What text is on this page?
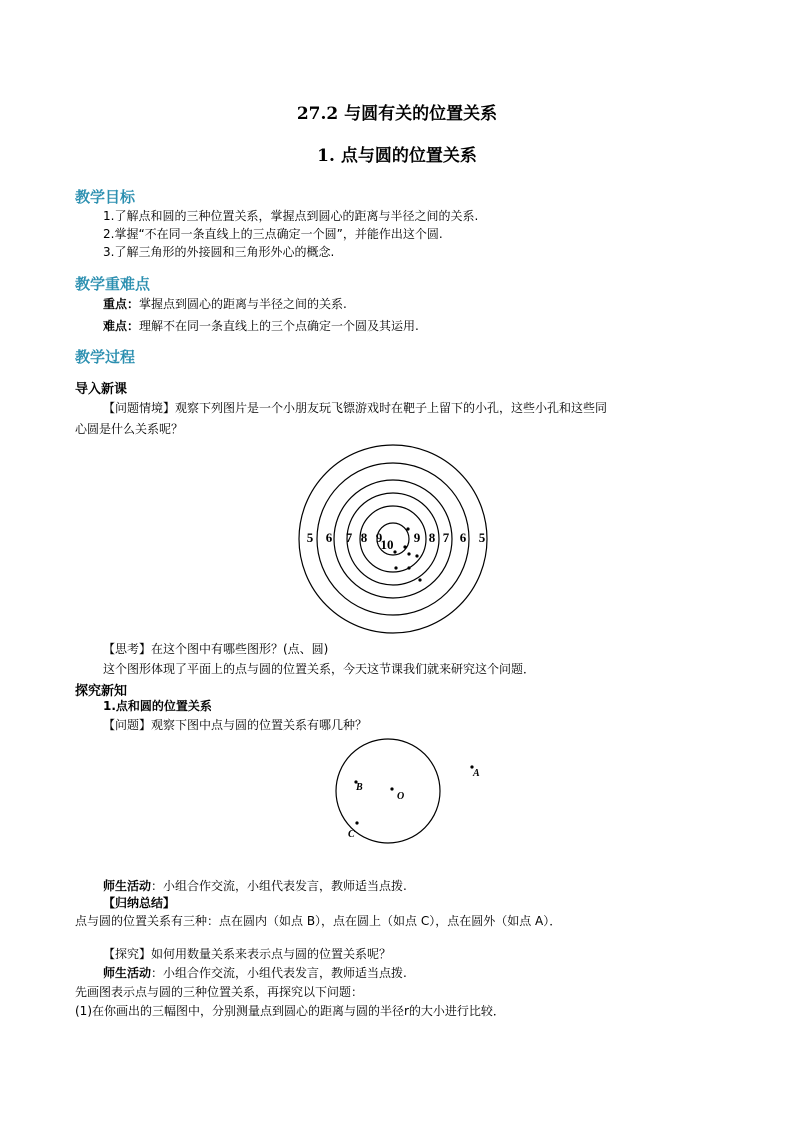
27.2 与圆有关的位置关系
1. 点与圆的位置关系
教学目标
1.了解点和圆的三种位置关系，掌握点到圆心的距离与半径之间的关系.
2.掌握“不在同一条直线上的三点确定一个圆”，并能作出这个圆.
3.了解三角形的外接圆和三角形外心的概念.
教学重难点
重点：掌握点到圆心的距离与半径之间的关系.
难点：理解不在同一条直线上的三个点确定一个圆及其运用.
教学过程
导入新课
【问题情境】观察下列图片是一个小朋友玩飞镖游戏时在靶子上留下的小孔，这些小孔和这些同
心圆是什么关系呢？
5 6 7 8 9
10 9 8 7 6 5
【思考】在这个图中有哪些图形？(点、圆)
这个图形体现了平面上的点与圆的位置关系，今天这节课我们就来研究这个问题．
探究新知
1.点和圆的位置关系
【问题】观察下图中点与圆的位置关系有哪几种？
A
B
O
C
师生活动：小组合作交流，小组代表发言，教师适当点拨.
【归纳总结】
点与圆的位置关系有三种：点在圆内（如点 B），点在圆上（如点 C），点在圆外（如点 A）．
【探究】如何用数量关系来表示点与圆的位置关系呢？
师生活动：小组合作交流，小组代表发言，教师适当点拨.
先画图表示点与圆的三种位置关系，再探究以下问题：
(1)在你画出的三幅图中，分别测量点到圆心的距离与圆的半径r的大小进行比较．
